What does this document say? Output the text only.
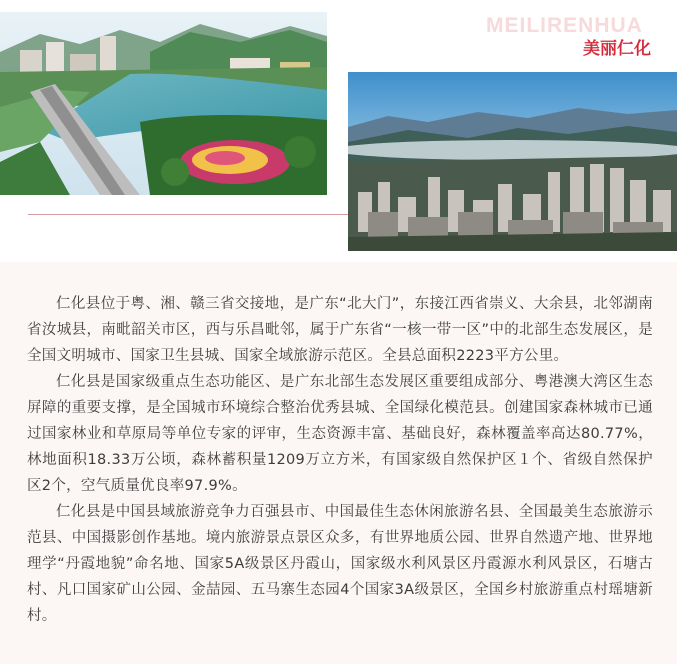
MEILIRENHUA
美丽仁化

仁化县位于粤、湘、赣三省交接地，是广东“北大门”，东接江西省崇义、大余县，北邻湖南省汝城县，南毗韶关市区，西与乐昌毗邻，属于广东省“一核一带一区”中的北部生态发展区，是全国文明城市、国家卫生县城、国家全域旅游示范区。全县总面积2223平方公里。

仁化县是国家级重点生态功能区、是广东北部生态发展区重要组成部分、粤港澳大湾区生态屏障的重要支撑，是全国城市环境综合整治优秀县城、全国绿化模范县。创建国家森林城市已通过国家林业和草原局等单位专家的评审，生态资源丰富、基础良好，森林覆盖率高达80.77%，林地面积18.33万公顷，森林蓄积量1209万立方米，有国家级自然保护区１个、省级自然保护区2个，空气质量优良率97.9%。

仁化县是中国县域旅游竞争力百强县市、中国最佳生态休闲旅游名县、全国最美生态旅游示范县、中国摄影创作基地。境内旅游景点景区众多，有世界地质公园、世界自然遗产地、世界地理学“丹霞地貌”命名地、国家5A级景区丹霞山，国家级水利风景区丹霞源水利风景区，石塘古村、凡口国家矿山公园、金喆园、五马寨生态园4个国家3A级景区，全国乡村旅游重点村瑶塘新村。
